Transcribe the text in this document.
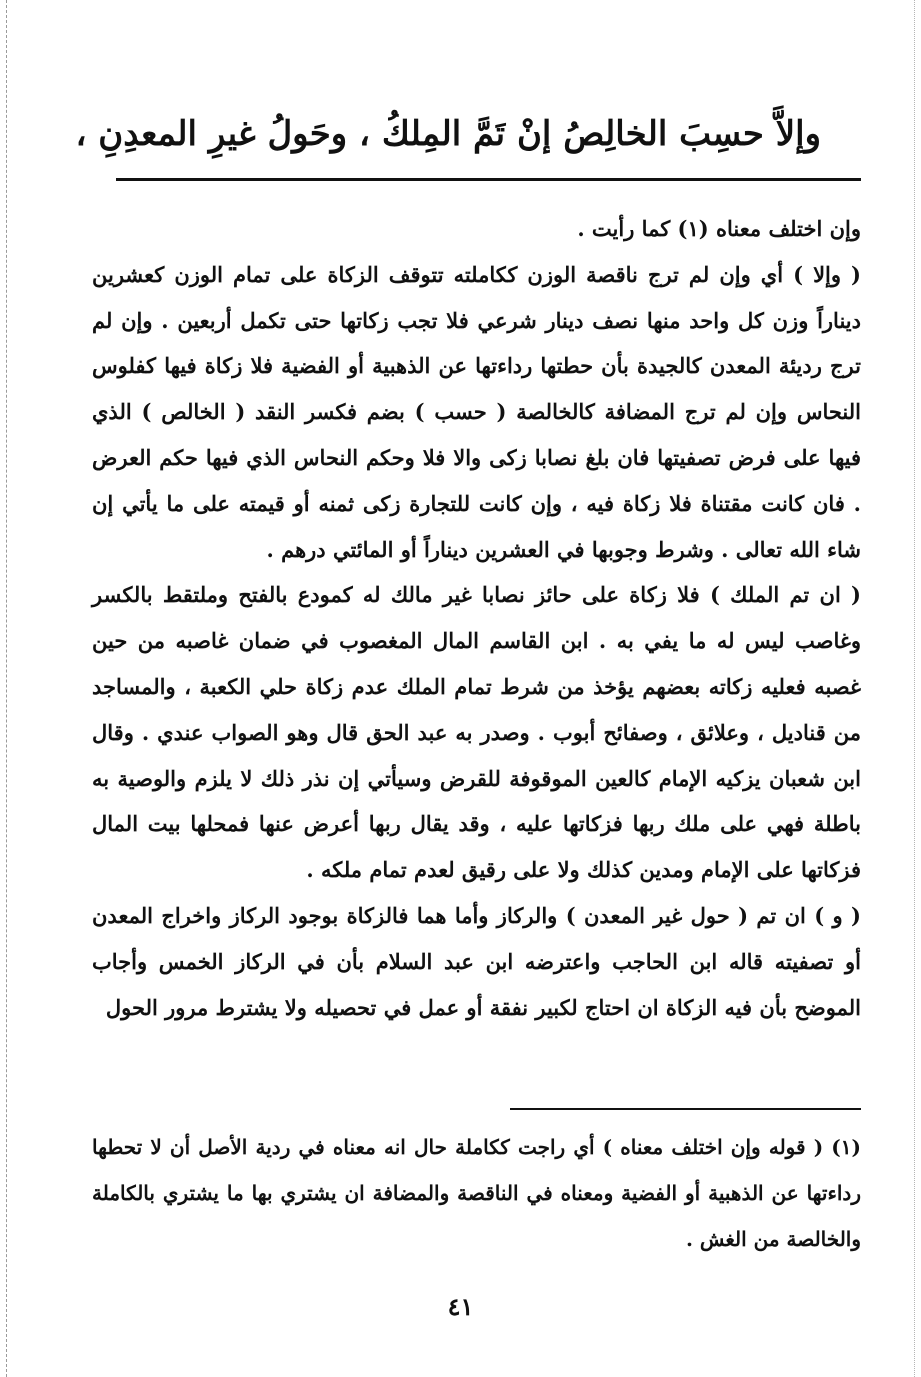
وإلاَّ حسِبَ الخالِصُ إنْ تَمَّ المِلكُ ، وحَولُ غيرِ المعدِنِ ،

وإن اختلف معناه (١) كما رأيت .

( وإلا ) أي وإن لم ترج ناقصة الوزن ككاملته تتوقف الزكاة على تمام الوزن كعشرين ديناراً وزن كل واحد منها نصف دينار شرعي فلا تجب زكاتها حتى تكمل أربعين . وإن لم ترج رديئة المعدن كالجيدة بأن حطتها رداءتها عن الذهبية أو الفضية فلا زكاة فيها كفلوس النحاس وإن لم ترج المضافة كالخالصة ( حسب ) بضم فكسر النقد ( الخالص ) الذي فيها على فرض تصفيتها فان بلغ نصابا زكى والا فلا وحكم النحاس الذي فيها حكم العرض . فان كانت مقتناة فلا زكاة فيه ، وإن كانت للتجارة زكى ثمنه أو قيمته على ما يأتي إن شاء الله تعالى . وشرط وجوبها في العشرين ديناراً أو المائتي درهم .

( ان تم الملك ) فلا زكاة على حائز نصابا غير مالك له كمودع بالفتح وملتقط بالكسر وغاصب ليس له ما يفي به . ابن القاسم المال المغصوب في ضمان غاصبه من حين غصبه فعليه زكاته بعضهم يؤخذ من شرط تمام الملك عدم زكاة حلي الكعبة ، والمساجد من قناديل ، وعلائق ، وصفائح أبوب . وصدر به عبد الحق قال وهو الصواب عندي . وقال ابن شعبان يزكيه الإمام كالعين الموقوفة للقرض وسيأتي إن نذر ذلك لا يلزم والوصية به باطلة فهي على ملك ربها فزكاتها عليه ، وقد يقال ربها أعرض عنها فمحلها بيت المال فزكاتها على الإمام ومدين كذلك ولا على رقيق لعدم تمام ملكه .

( و ) ان تم ( حول غير المعدن ) والركاز وأما هما فالزكاة بوجود الركاز واخراج المعدن أو تصفيته قاله ابن الحاجب واعترضه ابن عبد السلام بأن في الركاز الخمس وأجاب الموضح بأن فيه الزكاة ان احتاج لكبير نفقة أو عمل في تحصيله ولا يشترط مرور الحول

(١) ( قوله وإن اختلف معناه ) أي راجت ككاملة حال انه معناه في ردية الأصل أن لا تحطها رداءتها عن الذهبية أو الفضية ومعناه في الناقصة والمضافة ان يشتري بها ما يشتري بالكاملة والخالصة من الغش .

٤١
